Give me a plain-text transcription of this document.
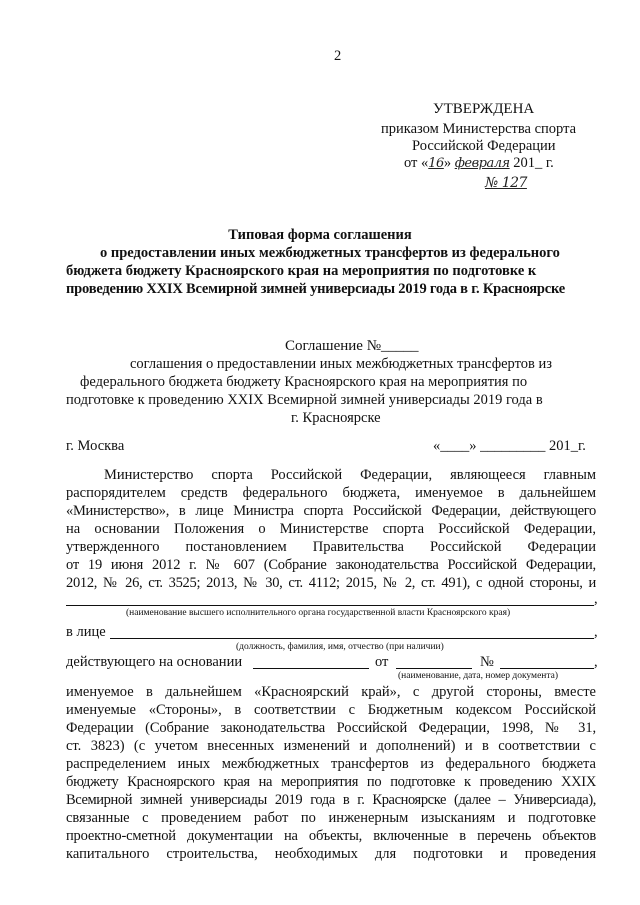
2
УТВЕРЖДЕНА
приказом Министерства спорта
Российской Федерации
от «16» февраля 201_ г.
№ 127
Типовая форма соглашения
о предоставлении иных межбюджетных трансфертов из федерального
бюджета бюджету Красноярского края на мероприятия по подготовке к
проведению XXIX Всемирной зимней универсиады 2019 года в г. Красноярске
Соглашение №_____
соглашения о предоставлении иных межбюджетных трансфертов из
федерального бюджета бюджету Красноярского края на мероприятия по
подготовке к проведению XXIX Всемирной зимней универсиады 2019 года в
г. Красноярске
г. Москва	«____» _________ 201_г.
Министерство спорта Российской Федерации, являющееся главным
распорядителем средств федерального бюджета, именуемое в дальнейшем
«Министерство», в лице Министра спорта Российской Федерации, действующего
на основании Положения о Министерстве спорта Российской Федерации,
утвержденного постановлением Правительства Российской Федерации
от 19 июня 2012 г. № 607 (Собрание законодательства Российской Федерации,
2012, № 26, ст. 3525; 2013, № 30, ст. 4112; 2015, № 2, ст. 491), с одной стороны, и
,
(наименование высшего исполнительного органа государственной власти Красноярского края)
в лице	,
(должность, фамилия, имя, отчество (при наличии)
действующего на основании	от	№	,
(наименование, дата, номер документа)
именуемое в дальнейшем «Красноярский край», с другой стороны, вместе
именуемые «Стороны», в соответствии с Бюджетным кодексом Российской
Федерации (Собрание законодательства Российской Федерации, 1998, № 31,
ст. 3823) (с учетом внесенных изменений и дополнений) и в соответствии с
распределением иных межбюджетных трансфертов из федерального бюджета
бюджету Красноярского края на мероприятия по подготовке к проведению XXIX
Всемирной зимней универсиады 2019 года в г. Красноярске (далее – Универсиада),
связанные с проведением работ по инженерным изысканиям и подготовке
проектно-сметной документации на объекты, включенные в перечень объектов
капитального строительства, необходимых для подготовки и проведения
